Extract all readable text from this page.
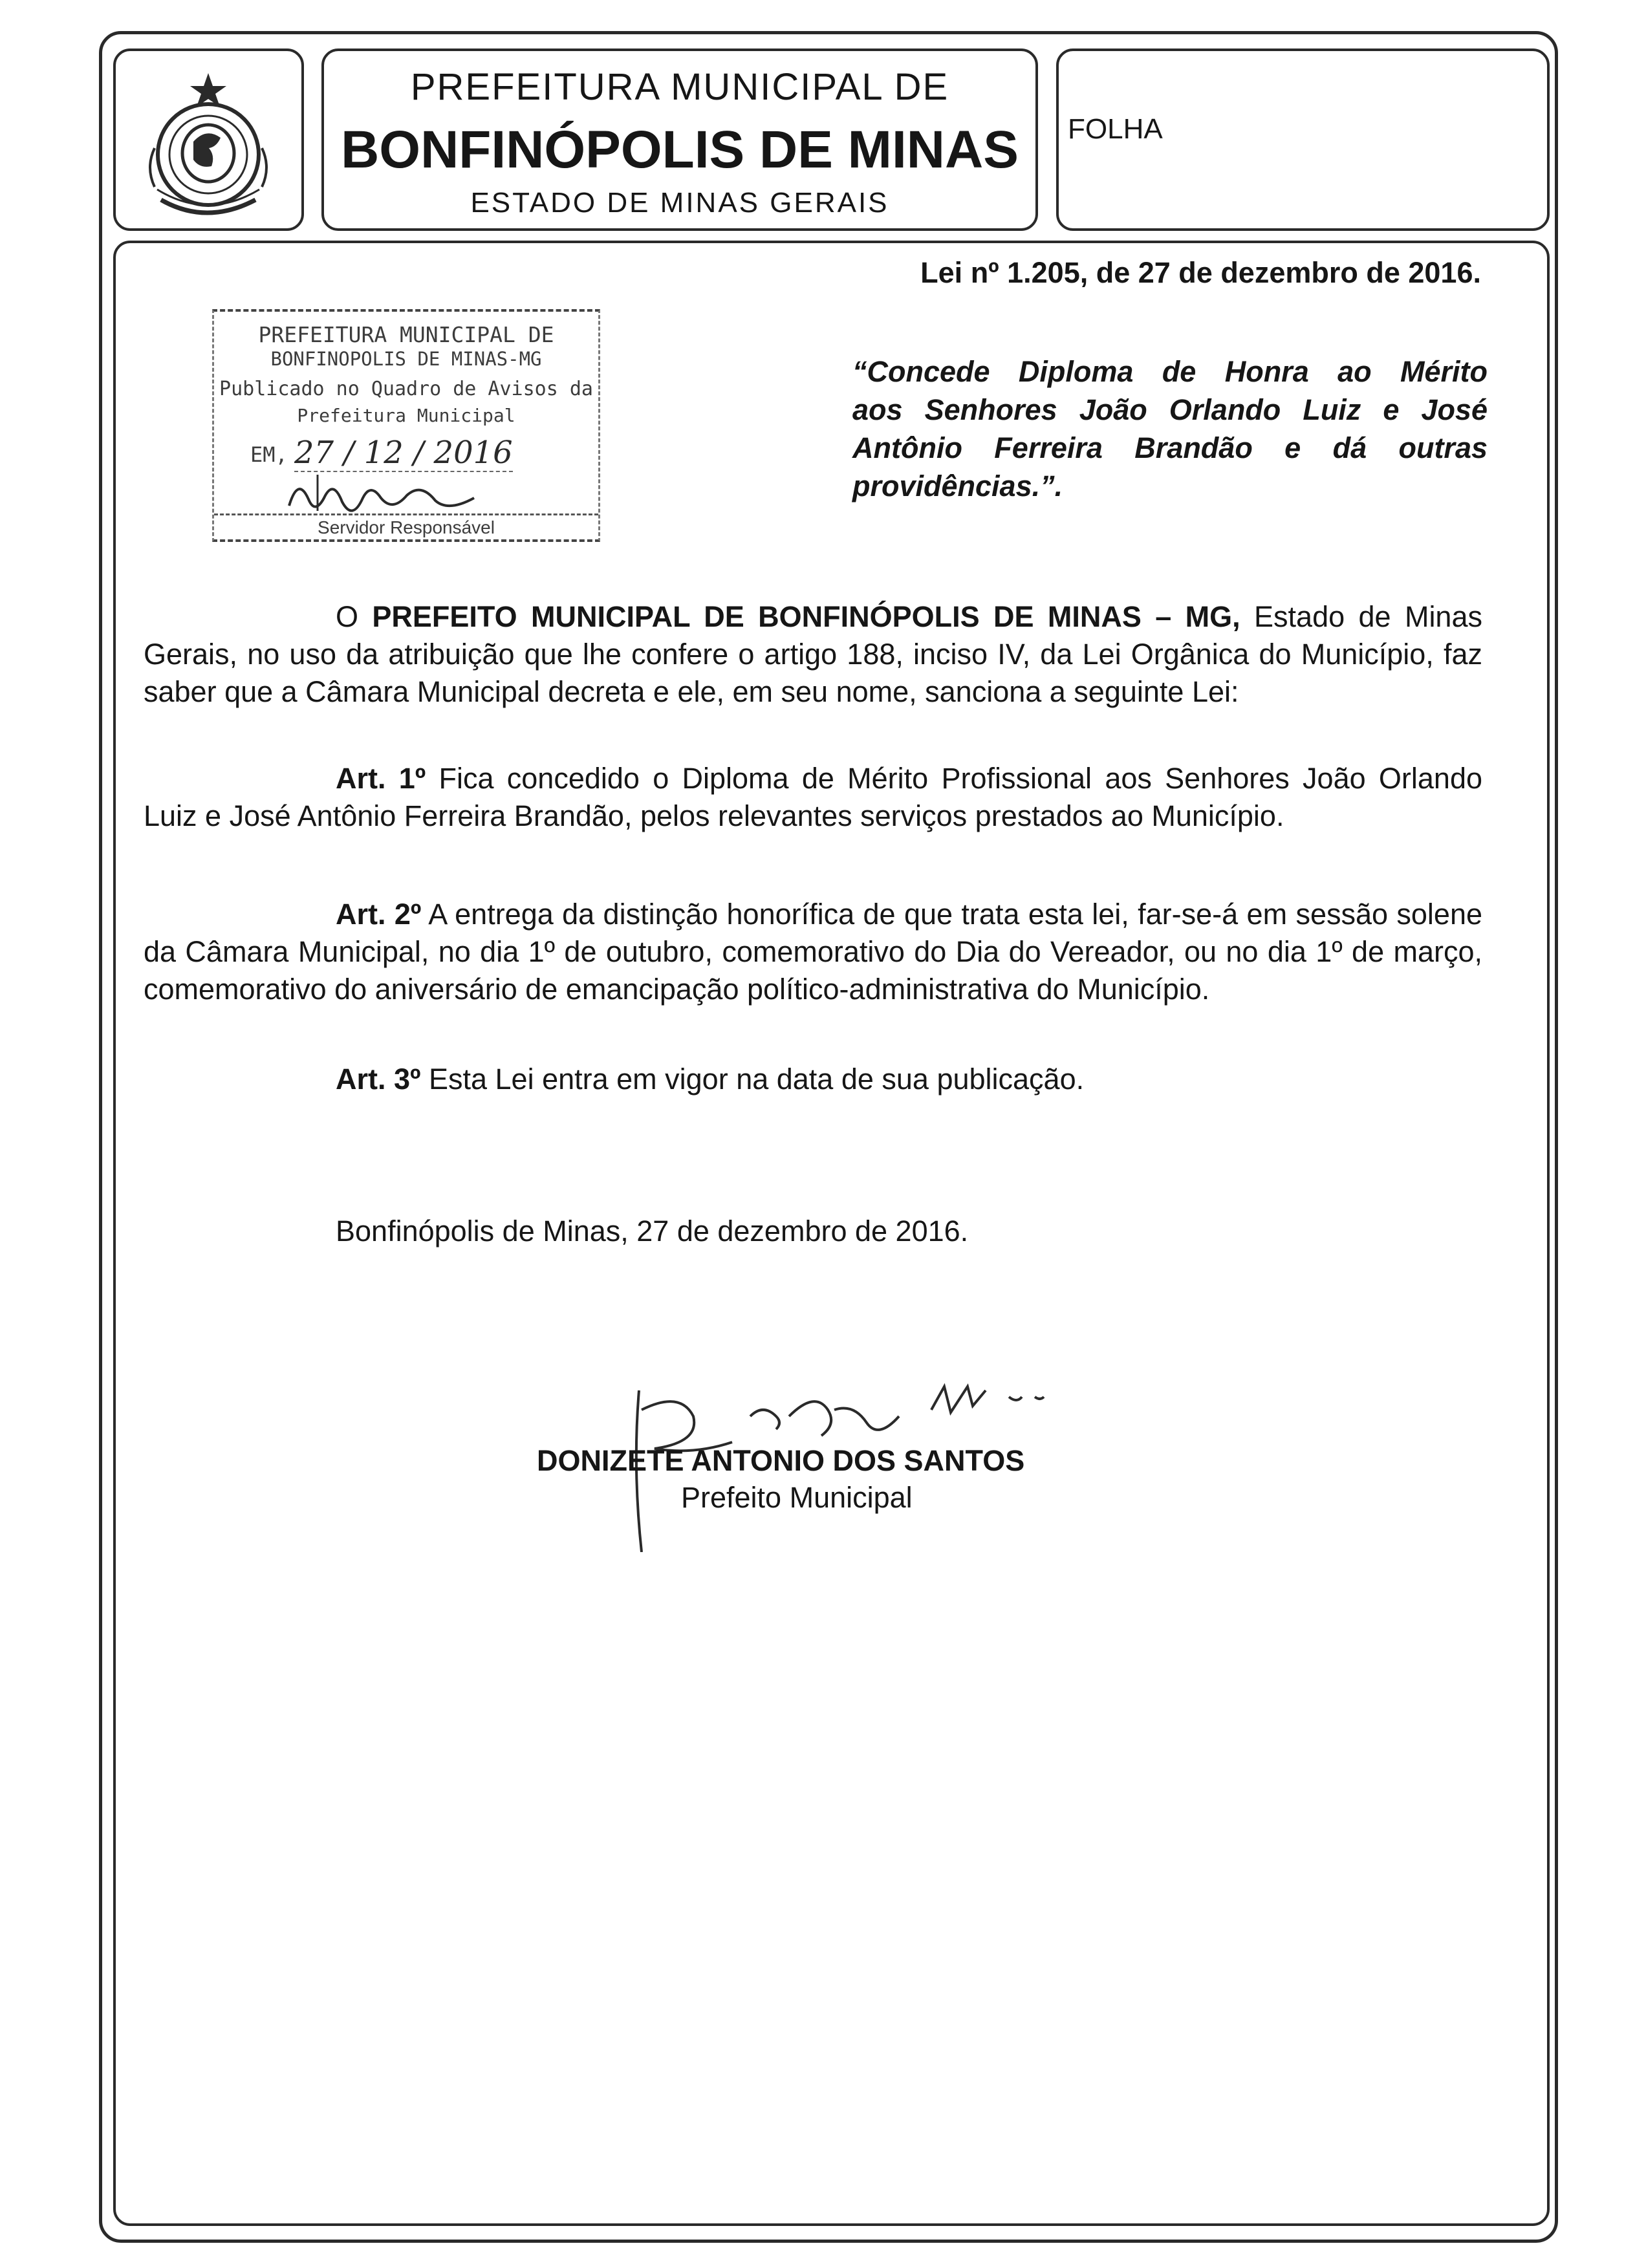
PREFEITURA MUNICIPAL DE
BONFINÓPOLIS DE MINAS
ESTADO DE MINAS GERAIS
FOLHA
Lei nº 1.205, de 27 de dezembro de 2016.
PREFEITURA MUNICIPAL DE
BONFINOPOLIS DE MINAS-MG
Publicado no Quadro de Avisos da
Prefeitura Municipal
EM, 27 / 12 / 2016
Servidor Responsável
“Concede Diploma de Honra ao Mérito
aos Senhores João Orlando Luiz e José
Antônio Ferreira Brandão e dá outras
providências.”.
O PREFEITO MUNICIPAL DE BONFINÓPOLIS DE MINAS – MG, Estado de Minas Gerais, no uso da atribuição que lhe confere o artigo 188, inciso IV, da Lei Orgânica do Município, faz saber que a Câmara Municipal decreta e ele, em seu nome, sanciona a seguinte Lei:
Art. 1º Fica concedido o Diploma de Mérito Profissional aos Senhores João Orlando Luiz e José Antônio Ferreira Brandão, pelos relevantes serviços prestados ao Município.
Art. 2º A entrega da distinção honorífica de que trata esta lei, far-se-á em sessão solene da Câmara Municipal, no dia 1º de outubro, comemorativo do Dia do Vereador, ou no dia 1º de março, comemorativo do aniversário de emancipação político-administrativa do Município.
Art. 3º Esta Lei entra em vigor na data de sua publicação.
Bonfinópolis de Minas, 27 de dezembro de 2016.
DONIZETE ANTONIO DOS SANTOS
Prefeito Municipal
